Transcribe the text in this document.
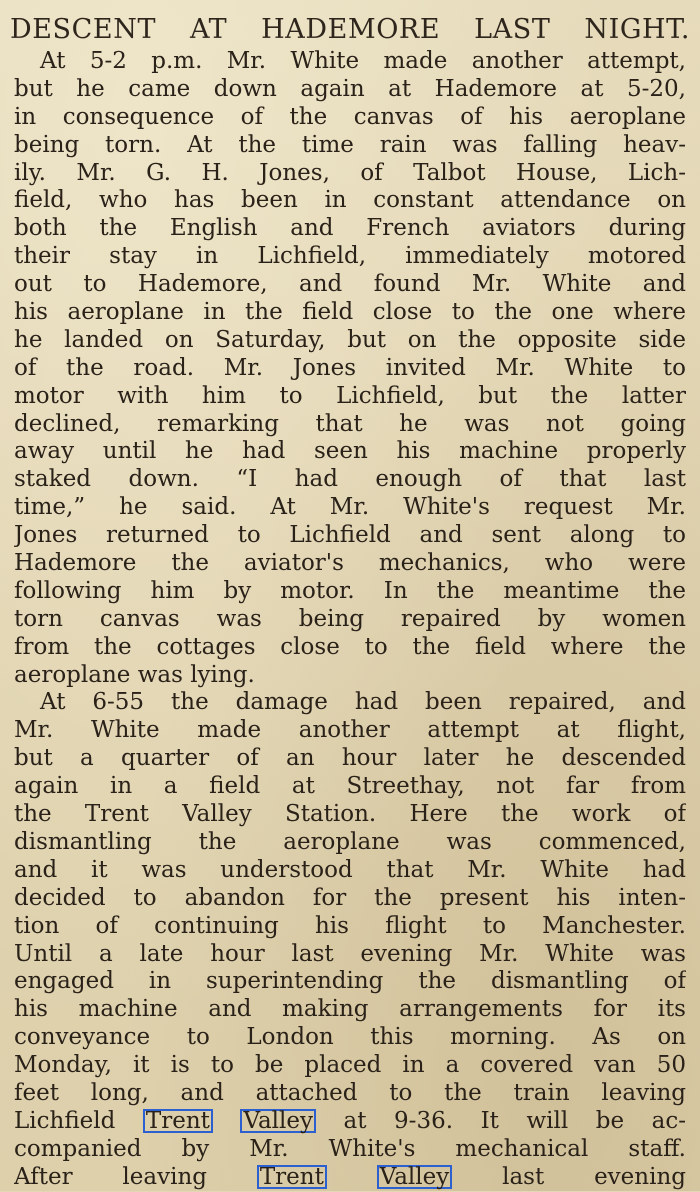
DESCENT AT HADEMORE LAST NIGHT.
At 5-2 p.m. Mr. White made another attempt,
but he came down again at Hademore at 5-20,
in consequence of the canvas of his aeroplane
being torn. At the time rain was falling heav-
ily. Mr. G. H. Jones, of Talbot House, Lich-
field, who has been in constant attendance on
both the English and French aviators during
their stay in Lichfield, immediately motored
out to Hademore, and found Mr. White and
his aeroplane in the field close to the one where
he landed on Saturday, but on the opposite side
of the road. Mr. Jones invited Mr. White to
motor with him to Lichfield, but the latter
declined, remarking that he was not going
away until he had seen his machine properly
staked down. “I had enough of that last
time,” he said. At Mr. White's request Mr.
Jones returned to Lichfield and sent along to
Hademore the aviator's mechanics, who were
following him by motor. In the meantime the
torn canvas was being repaired by women
from the cottages close to the field where the
aeroplane was lying.
At 6-55 the damage had been repaired, and
Mr. White made another attempt at flight,
but a quarter of an hour later he descended
again in a field at Streethay, not far from
the Trent Valley Station. Here the work of
dismantling the aeroplane was commenced,
and it was understood that Mr. White had
decided to abandon for the present his inten-
tion of continuing his flight to Manchester.
Until a late hour last evening Mr. White was
engaged in superintending the dismantling of
his machine and making arrangements for its
conveyance to London this morning. As on
Monday, it is to be placed in a covered van 50
feet long, and attached to the train leaving
Lichfield Trent Valley at 9-36. It will be ac-
companied by Mr. White's mechanical staff.
After leaving Trent Valley last evening
